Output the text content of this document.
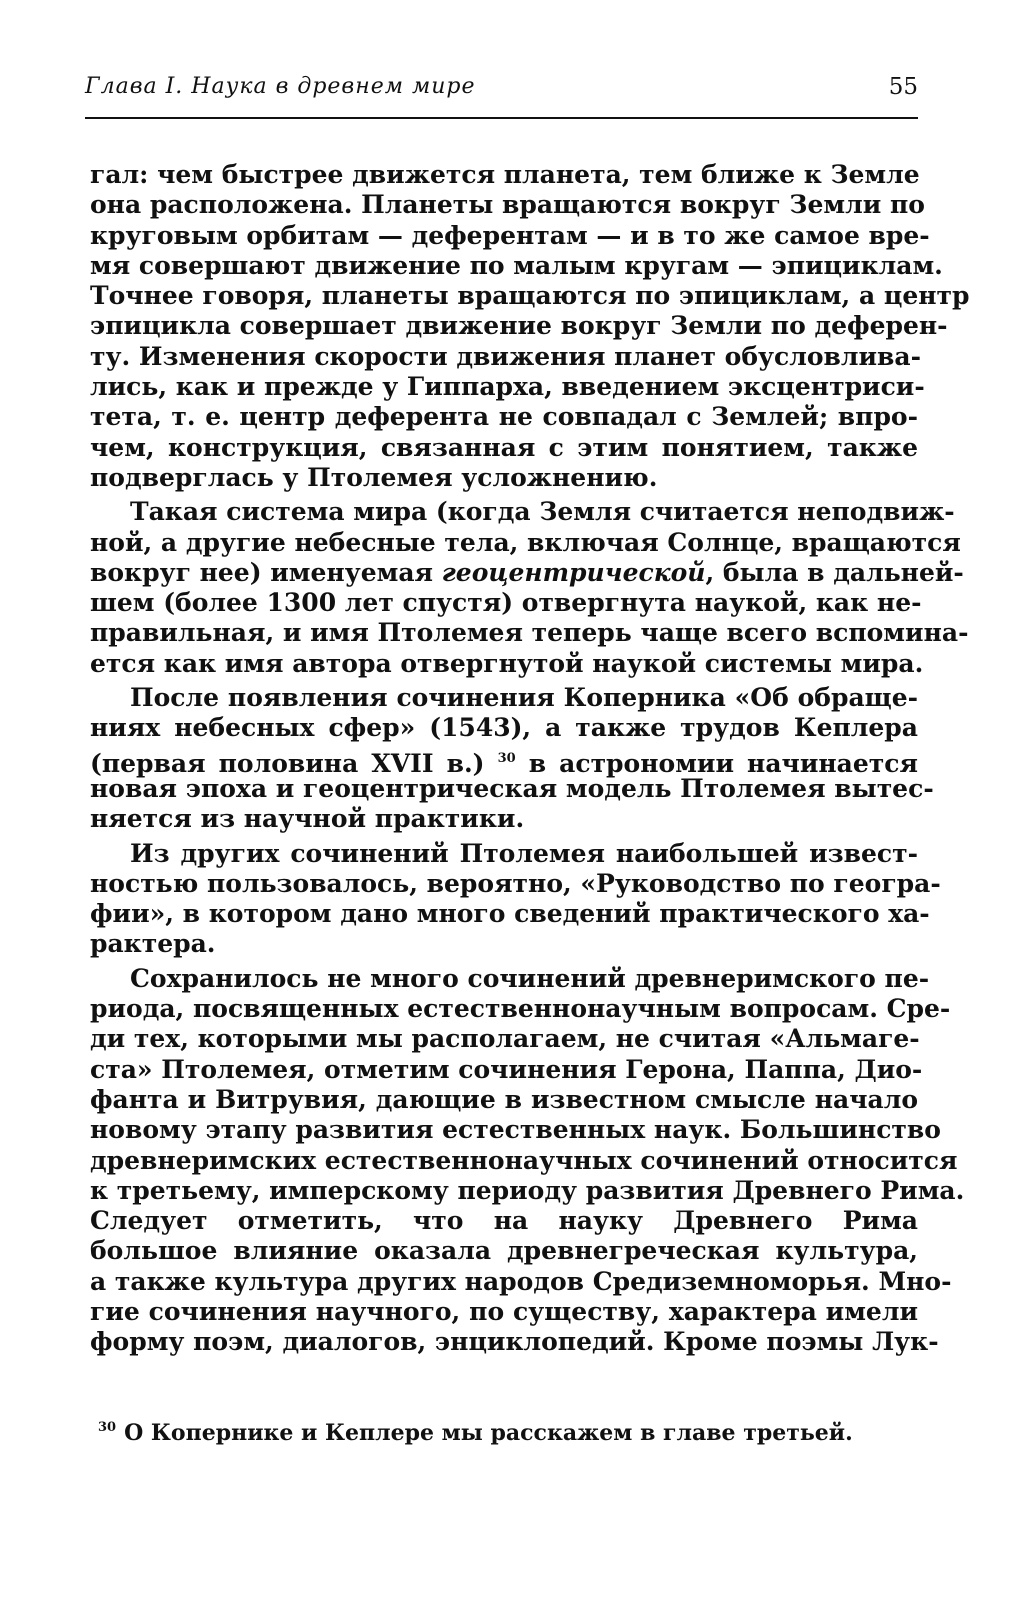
Глава I. Наука в древнем мире	55
гал: чем быстрее движется планета, тем ближе к Земле
она расположена. Планеты вращаются вокруг Земли по
круговым орбитам — деферентам — и в то же самое вре-
мя совершают движение по малым кругам — эпициклам.
Точнее говоря, планеты вращаются по эпициклам, а центр
эпицикла совершает движение вокруг Земли по деферен-
ту. Изменения скорости движения планет обусловлива-
лись, как и прежде у Гиппарха, введением эксцентриси-
тета, т. е. центр деферента не совпадал с Землей; впро-
чем, конструкция, связанная с этим понятием, также
подверглась у Птолемея усложнению.
Такая система мира (когда Земля считается неподвиж-
ной, а другие небесные тела, включая Солнце, вращаются
вокруг нее) именуемая геоцентрической, была в дальней-
шем (более 1300 лет спустя) отвергнута наукой, как не-
правильная, и имя Птолемея теперь чаще всего вспомина-
ется как имя автора отвергнутой наукой системы мира.
После появления сочинения Коперника «Об обраще-
ниях небесных сфер» (1543), а также трудов Кеплера
(первая половина XVII в.) $^{30}$ в астрономии начинается
новая эпоха и геоцентрическая модель Птолемея вытес-
няется из научной практики.
Из других сочинений Птолемея наибольшей извест-
ностью пользовалось, вероятно, «Руководство по геогра-
фии», в котором дано много сведений практического ха-
рактера.
Сохранилось не много сочинений древнеримского пе-
риода, посвященных естественнонаучным вопросам. Сре-
ди тех, которыми мы располагаем, не считая «Альмаге-
ста» Птолемея, отметим сочинения Герона, Паппа, Дио-
фанта и Витрувия, дающие в известном смысле начало
новому этапу развития естественных наук. Большинство
древнеримских естественнонаучных сочинений относится
к третьему, имперскому периоду развития Древнего Рима.
Следует отметить, что на науку Древнего Рима
большое влияние оказала древнегреческая культура,
а также культура других народов Средиземноморья. Мно-
гие сочинения научного, по существу, характера имели
форму поэм, диалогов, энциклопедий. Кроме поэмы Лук-
$^{30}$ О Копернике и Кеплере мы расскажем в главе третьей.
